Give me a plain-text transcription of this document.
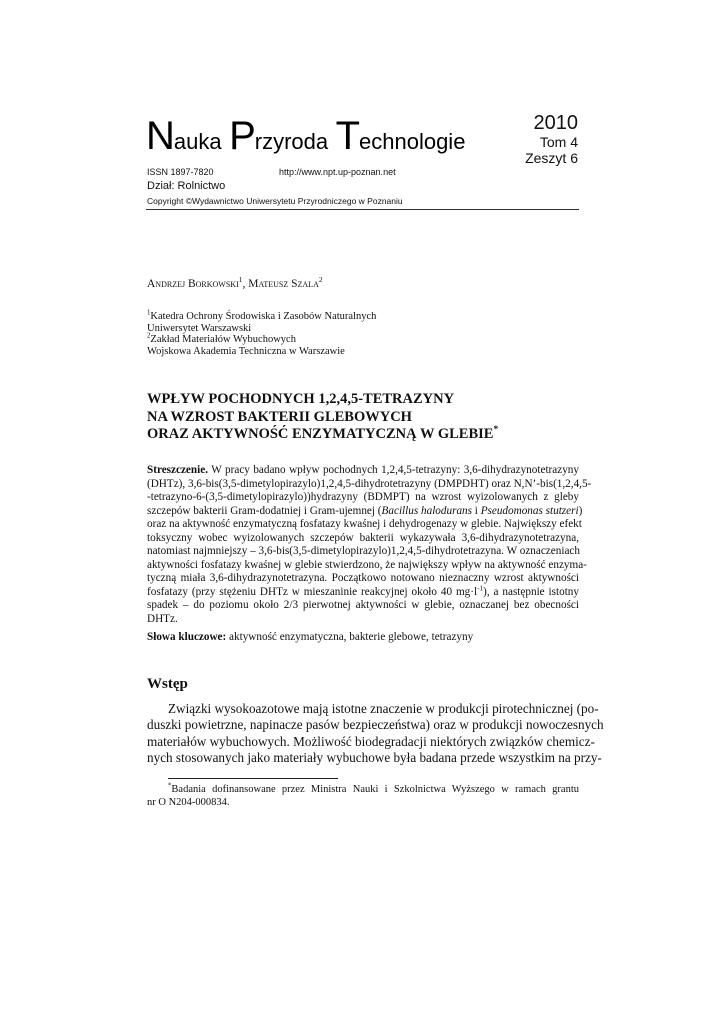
Nauka Przyroda Technologie
2010
Tom 4
Zeszyt 6
ISSN 1897-7820	http://www.npt.up-poznan.net
Dział: Rolnictwo
Copyright ©Wydawnictwo Uniwersytetu Przyrodniczego w Poznaniu
Andrzej Borkowski$^1$, Mateusz Szala$^2$
$^1$Katedra Ochrony Środowiska i Zasobów Naturalnych
Uniwersytet Warszawski
$^2$Zakład Materiałów Wybuchowych
Wojskowa Akademia Techniczna w Warszawie
WPŁYW POCHODNYCH 1,2,4,5-TETRAZYNY
NA WZROST BAKTERII GLEBOWYCH
ORAZ AKTYWNOŚĆ ENZYMATYCZNĄ W GLEBIE*
Streszczenie. W pracy badano wpływ pochodnych 1,2,4,5-tetrazyny: 3,6-dihydrazynotetrazyny
(DHTz), 3,6-bis(3,5-dimetylopirazylo)1,2,4,5-dihydrotetrazyny (DMPDHT) oraz N,N’-bis(1,2,4,5-
-tetrazyno-6-(3,5-dimetylopirazylo))hydrazyny (BDMPT) na wzrost wyizolowanych z gleby
szczepów bakterii Gram-dodatniej i Gram-ujemnej (Bacillus halodurans i Pseudomonas stutzeri)
oraz na aktywność enzymatyczną fosfatazy kwaśnej i dehydrogenazy w glebie. Największy efekt
toksyczny wobec wyizolowanych szczepów bakterii wykazywała 3,6-dihydrazynotetrazyna,
natomiast najmniejszy – 3,6-bis(3,5-dimetylopirazylo)1,2,4,5-dihydrotetrazyna. W oznaczeniach
aktywności fosfatazy kwaśnej w glebie stwierdzono, że największy wpływ na aktywność enzyma-
tyczną miała 3,6-dihydrazynotetrazyna. Początkowo notowano nieznaczny wzrost aktywności
fosfatazy (przy stężeniu DHTz w mieszaninie reakcyjnej około 40 $mg\cdot l^{-1}$), a następnie istotny
spadek – do poziomu około 2/3 pierwotnej aktywności w glebie, oznaczanej bez obecności
DHTz.
Słowa kluczowe: aktywność enzymatyczna, bakterie glebowe, tetrazyny
Wstęp
Związki wysokoazotowe mają istotne znaczenie w produkcji pirotechnicznej (po-
duszki powietrzne, napinacze pasów bezpieczeństwa) oraz w produkcji nowoczesnych
materiałów wybuchowych. Możliwość biodegradacji niektórych związków chemicz-
nych stosowanych jako materiały wybuchowe była badana przede wszystkim na przy-
*Badania dofinansowane przez Ministra Nauki i Szkolnictwa Wyższego w ramach grantu
nr O N204-000834.
